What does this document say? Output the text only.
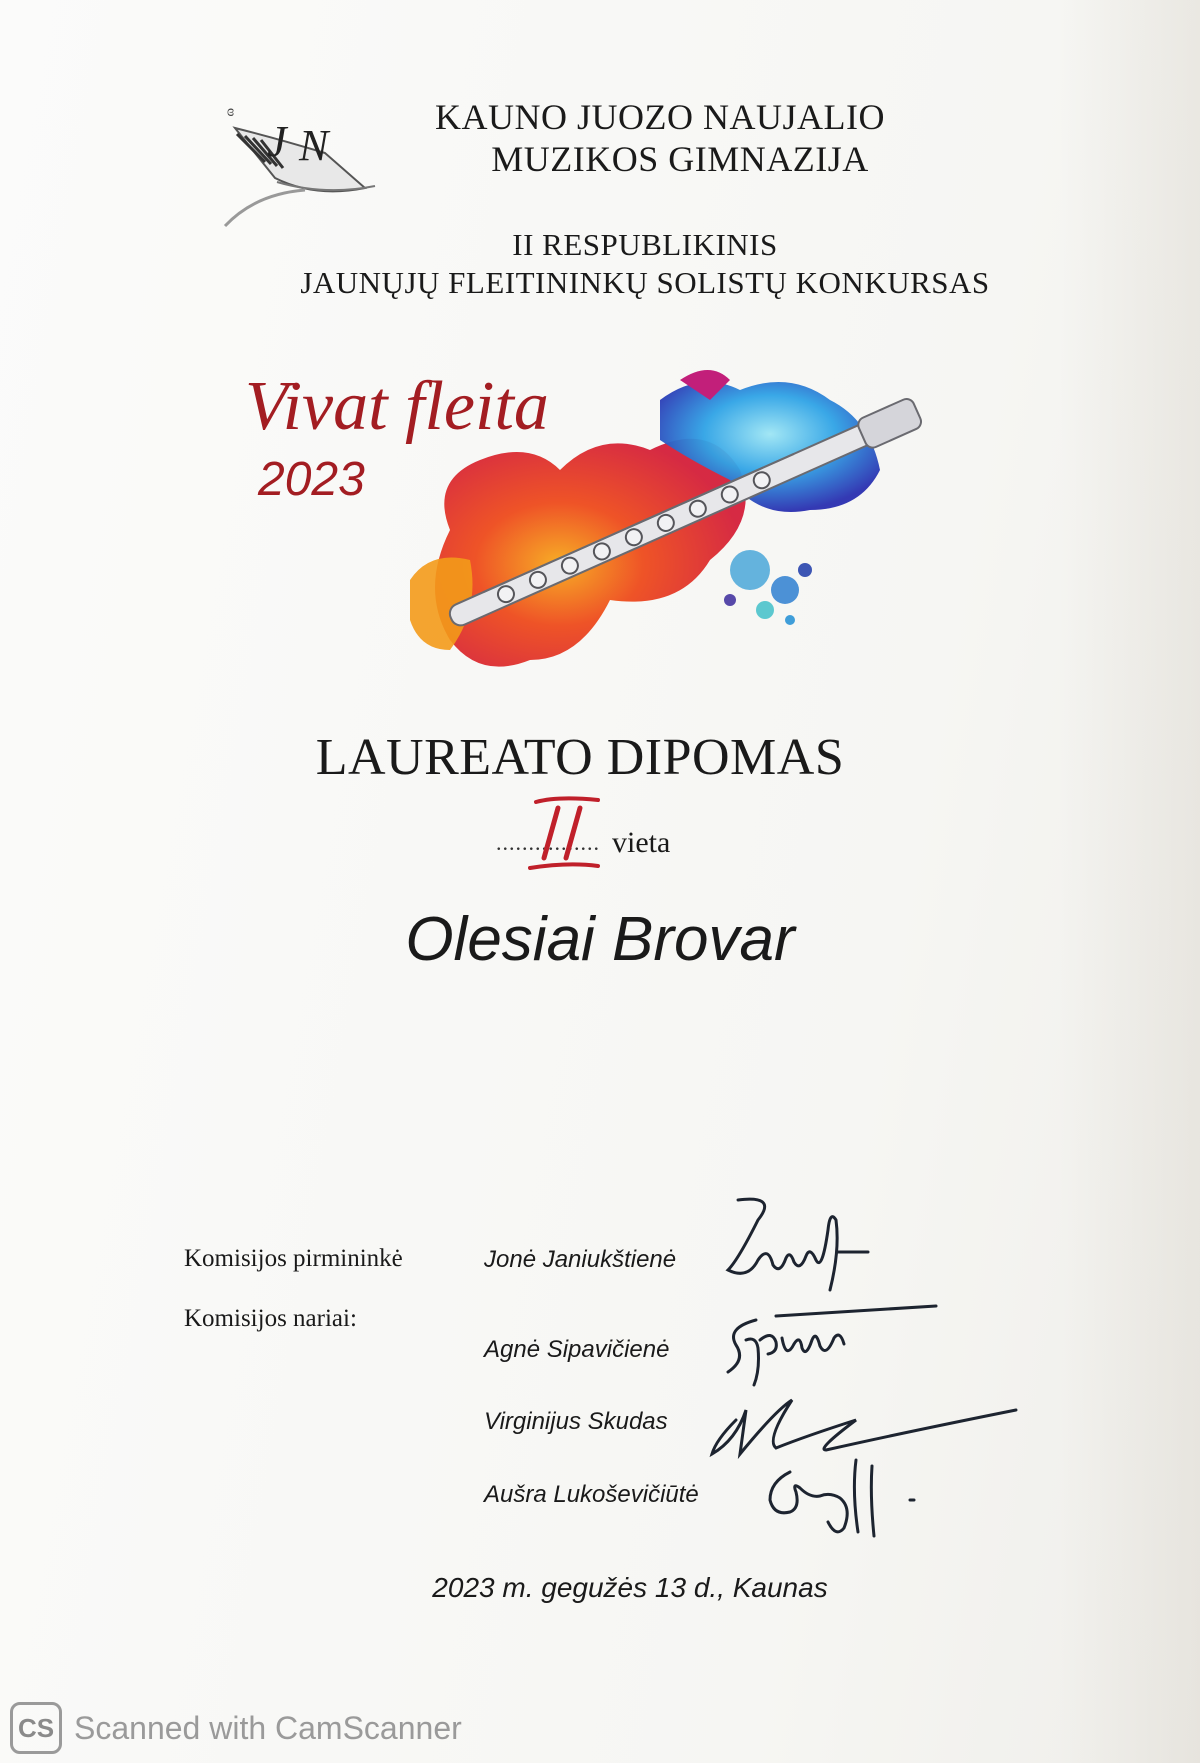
ɞ
J N
KAUNO JUOZO NAUJALIO
MUZIKOS GIMNAZIJA
II RESPUBLIKINIS
JAUNŲJŲ FLEITININKŲ SOLISTŲ KONKURSAS
Vivat fleita
2023
LAUREATO DIPOMAS
................ vieta
Olesiai Brovar
Komisijos pirmininkė	Jonė Janiukštienė
Komisijos nariai:
Agnė Sipavičienė
Virginijus Skudas
Aušra Lukoševičiūtė
2023 m. gegužės 13 d., Kaunas
CS Scanned with CamScanner
